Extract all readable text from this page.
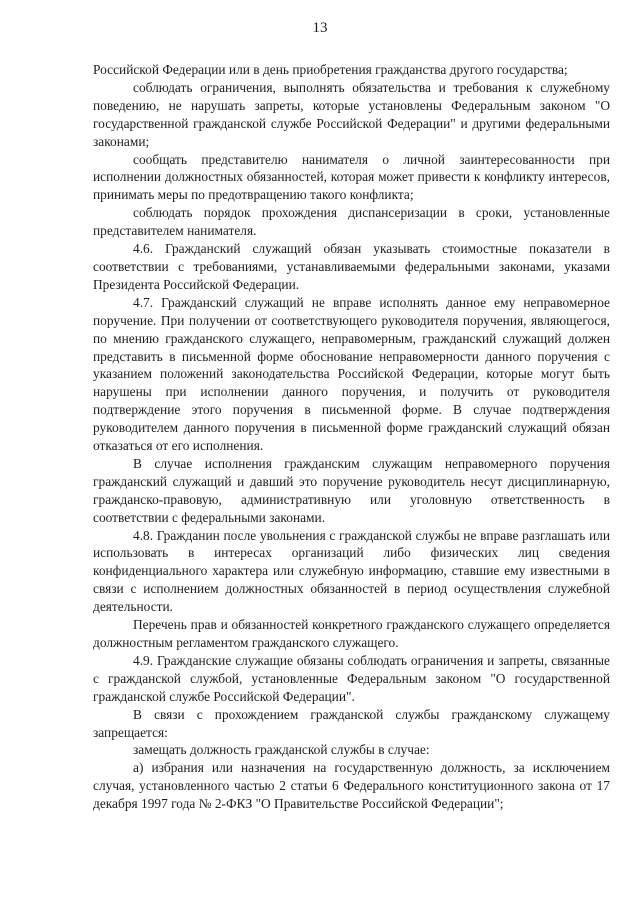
13

Российской Федерации или в день приобретения гражданства другого государства;

соблюдать ограничения, выполнять обязательства и требования к служебному поведению, не нарушать запреты, которые установлены Федеральным законом "О государственной гражданской службе Российской Федерации" и другими федеральными законами;

сообщать представителю нанимателя о личной заинтересованности при исполнении должностных обязанностей, которая может привести к конфликту интересов, принимать меры по предотвращению такого конфликта;

соблюдать порядок прохождения диспансеризации в сроки, установленные представителем нанимателя.

4.6. Гражданский служащий обязан указывать стоимостные показатели в соответствии с требованиями, устанавливаемыми федеральными законами, указами Президента Российской Федерации.

4.7. Гражданский служащий не вправе исполнять данное ему неправомерное поручение. При получении от соответствующего руководителя поручения, являющегося, по мнению гражданского служащего, неправомерным, гражданский служащий должен представить в письменной форме обоснование неправомерности данного поручения с указанием положений законодательства Российской Федерации, которые могут быть нарушены при исполнении данного поручения, и получить от руководителя подтверждение этого поручения в письменной форме. В случае подтверждения руководителем данного поручения в письменной форме гражданский служащий обязан отказаться от его исполнения.

В случае исполнения гражданским служащим неправомерного поручения гражданский служащий и давший это поручение руководитель несут дисциплинарную, гражданско-правовую, административную или уголовную ответственность в соответствии с федеральными законами.

4.8. Гражданин после увольнения с гражданской службы не вправе разглашать или использовать в интересах организаций либо физических лиц сведения конфиденциального характера или служебную информацию, ставшие ему известными в связи с исполнением должностных обязанностей в период осуществления служебной деятельности.

Перечень прав и обязанностей конкретного гражданского служащего определяется должностным регламентом гражданского служащего.

4.9. Гражданские служащие обязаны соблюдать ограничения и запреты, связанные с гражданской службой, установленные Федеральным законом "О государственной гражданской службе Российской Федерации".

В связи с прохождением гражданской службы гражданскому служащему запрещается:

замещать должность гражданской службы в случае:

а) избрания или назначения на государственную должность, за исключением случая, установленного частью 2 статьи 6 Федерального конституционного закона от 17 декабря 1997 года № 2-ФКЗ "О Правительстве Российской Федерации";
